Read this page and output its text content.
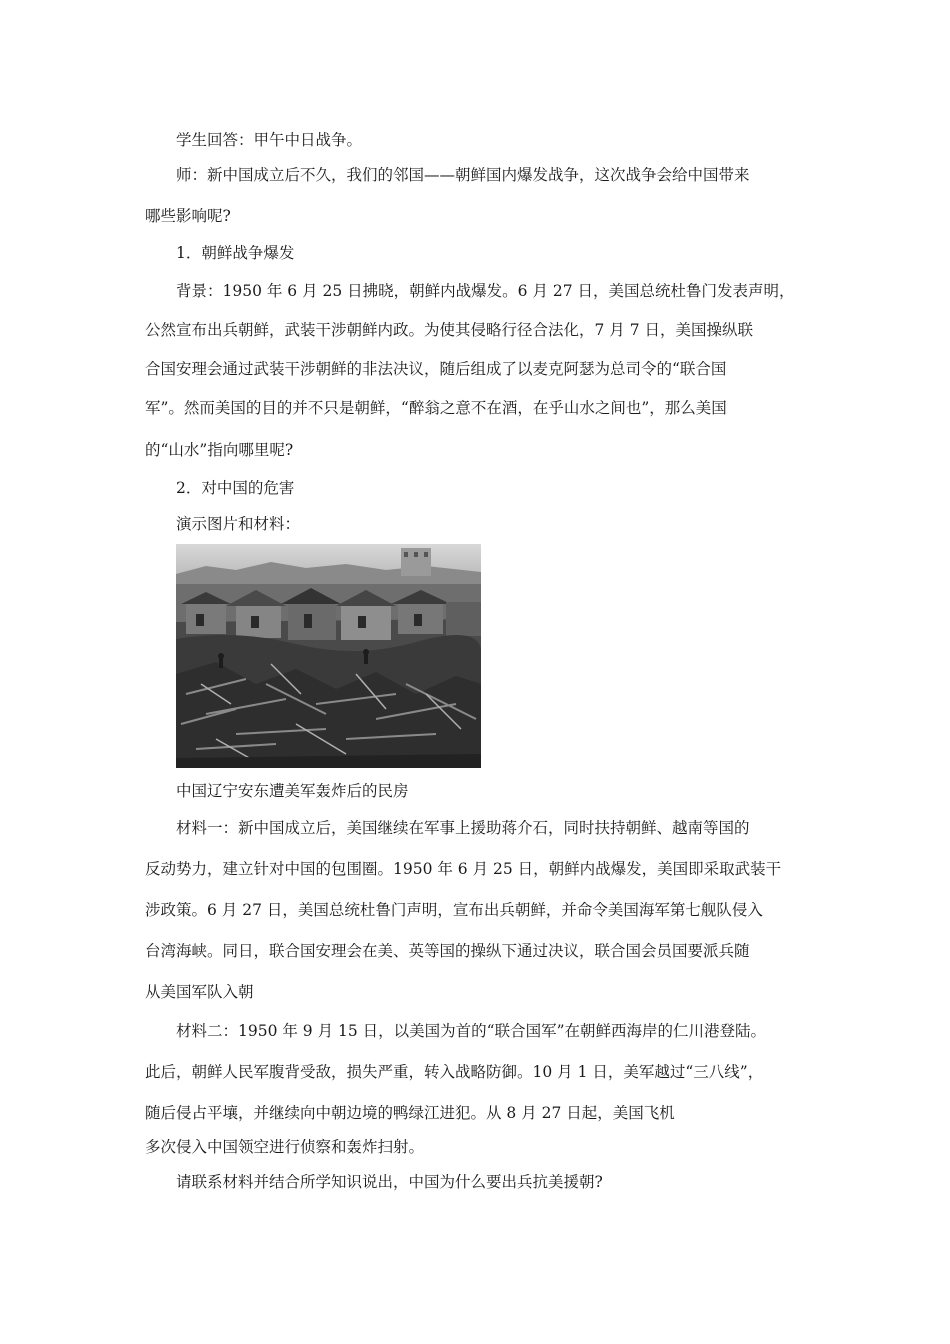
学生回答：甲午中日战争。
师：新中国成立后不久，我们的邻国——朝鲜国内爆发战争，这次战争会给中国带来
哪些影响呢?
1．朝鲜战争爆发
背景：1950 年 6 月 25 日拂晓，朝鲜内战爆发。6 月 27 日，美国总统杜鲁门发表声明，
公然宣布出兵朝鲜，武装干涉朝鲜内政。为使其侵略行径合法化，7 月 7 日，美国操纵联
合国安理会通过武装干涉朝鲜的非法决议，随后组成了以麦克阿瑟为总司令的“联合国
军”。然而美国的目的并不只是朝鲜，“醉翁之意不在酒，在乎山水之间也”，那么美国
的“山水”指向哪里呢?
2．对中国的危害
演示图片和材料：
中国辽宁安东遭美军轰炸后的民房
材料一：新中国成立后，美国继续在军事上援助蒋介石，同时扶持朝鲜、越南等国的
反动势力，建立针对中国的包围圈。1950 年 6 月 25 日，朝鲜内战爆发，美国即采取武装干
涉政策。6 月 27 日，美国总统杜鲁门声明，宣布出兵朝鲜，并命令美国海军第七舰队侵入
台湾海峡。同日，联合国安理会在美、英等国的操纵下通过决议，联合国会员国要派兵随
从美国军队入朝
材料二：1950 年 9 月 15 日，以美国为首的“联合国军”在朝鲜西海岸的仁川港登陆。
此后，朝鲜人民军腹背受敌，损失严重，转入战略防御。10 月 1 日，美军越过“三八线”，
随后侵占平壤，并继续向中朝边境的鸭绿江进犯。从 8 月 27 日起，美国飞机
多次侵入中国领空进行侦察和轰炸扫射。
请联系材料并结合所学知识说出，中国为什么要出兵抗美援朝?
